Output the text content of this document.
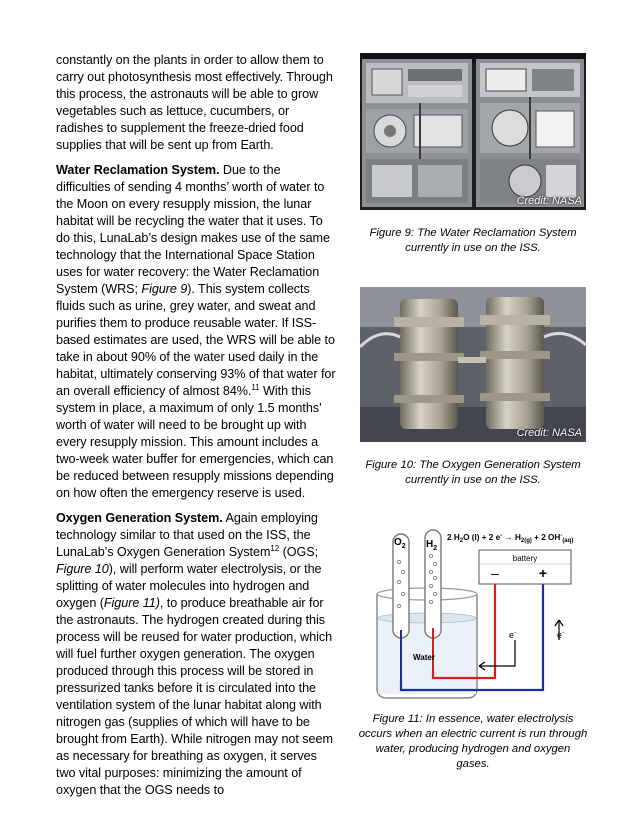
constantly on the plants in order to allow them to carry out photosynthesis most effectively. Through this process, the astronauts will be able to grow vegetables such as lettuce, cucumbers, or radishes to supplement the freeze-dried food supplies that will be sent up from Earth.

Water Reclamation System. Due to the difficulties of sending 4 months’ worth of water to the Moon on every resupply mission, the lunar habitat will be recycling the water that it uses. To do this, LunaLab’s design makes use of the same technology that the International Space Station uses for water recovery: the Water Reclamation System (WRS; Figure 9). This system collects fluids such as urine, grey water, and sweat and purifies them to produce reusable water. If ISS-based estimates are used, the WRS will be able to take in about 90% of the water used daily in the habitat, ultimately conserving 93% of that water for an overall efficiency of almost 84%.$^{11}$ With this system in place, a maximum of only 1.5 months’ worth of water will need to be brought up with every resupply mission. This amount includes a two-week water buffer for emergencies, which can be reduced between resupply missions depending on how often the emergency reserve is used.

Oxygen Generation System. Again employing technology similar to that used on the ISS, the LunaLab’s Oxygen Generation System$^{12}$ (OGS; Figure 10), will perform water electrolysis, or the splitting of water molecules into hydrogen and oxygen (Figure 11), to produce breathable air for the astronauts. The hydrogen created during this process will be reused for water production, which will fuel further oxygen generation. The oxygen produced through this process will be stored in pressurized tanks before it is circulated into the ventilation system of the lunar habitat along with nitrogen gas (supplies of which will have to be brought from Earth). While nitrogen may not seem as necessary for breathing as oxygen, it serves two vital purposes: minimizing the amount of oxygen that the OGS needs to

Credit: NASA
Figure 9: The Water Reclamation System currently in use on the ISS.
Credit: NASA
Figure 10: The Oxygen Generation System currently in use on the ISS.
$O_2$ $H_2$
2 $H_2O$ (l) + 2 $e^- \to H_{2(g)} + 2$ $OH^-_{(aq)}$
battery
–	+
e-	e-
Water
Figure 11: In essence, water electrolysis occurs when an electric current is run through water, producing hydrogen and oxygen gases.
